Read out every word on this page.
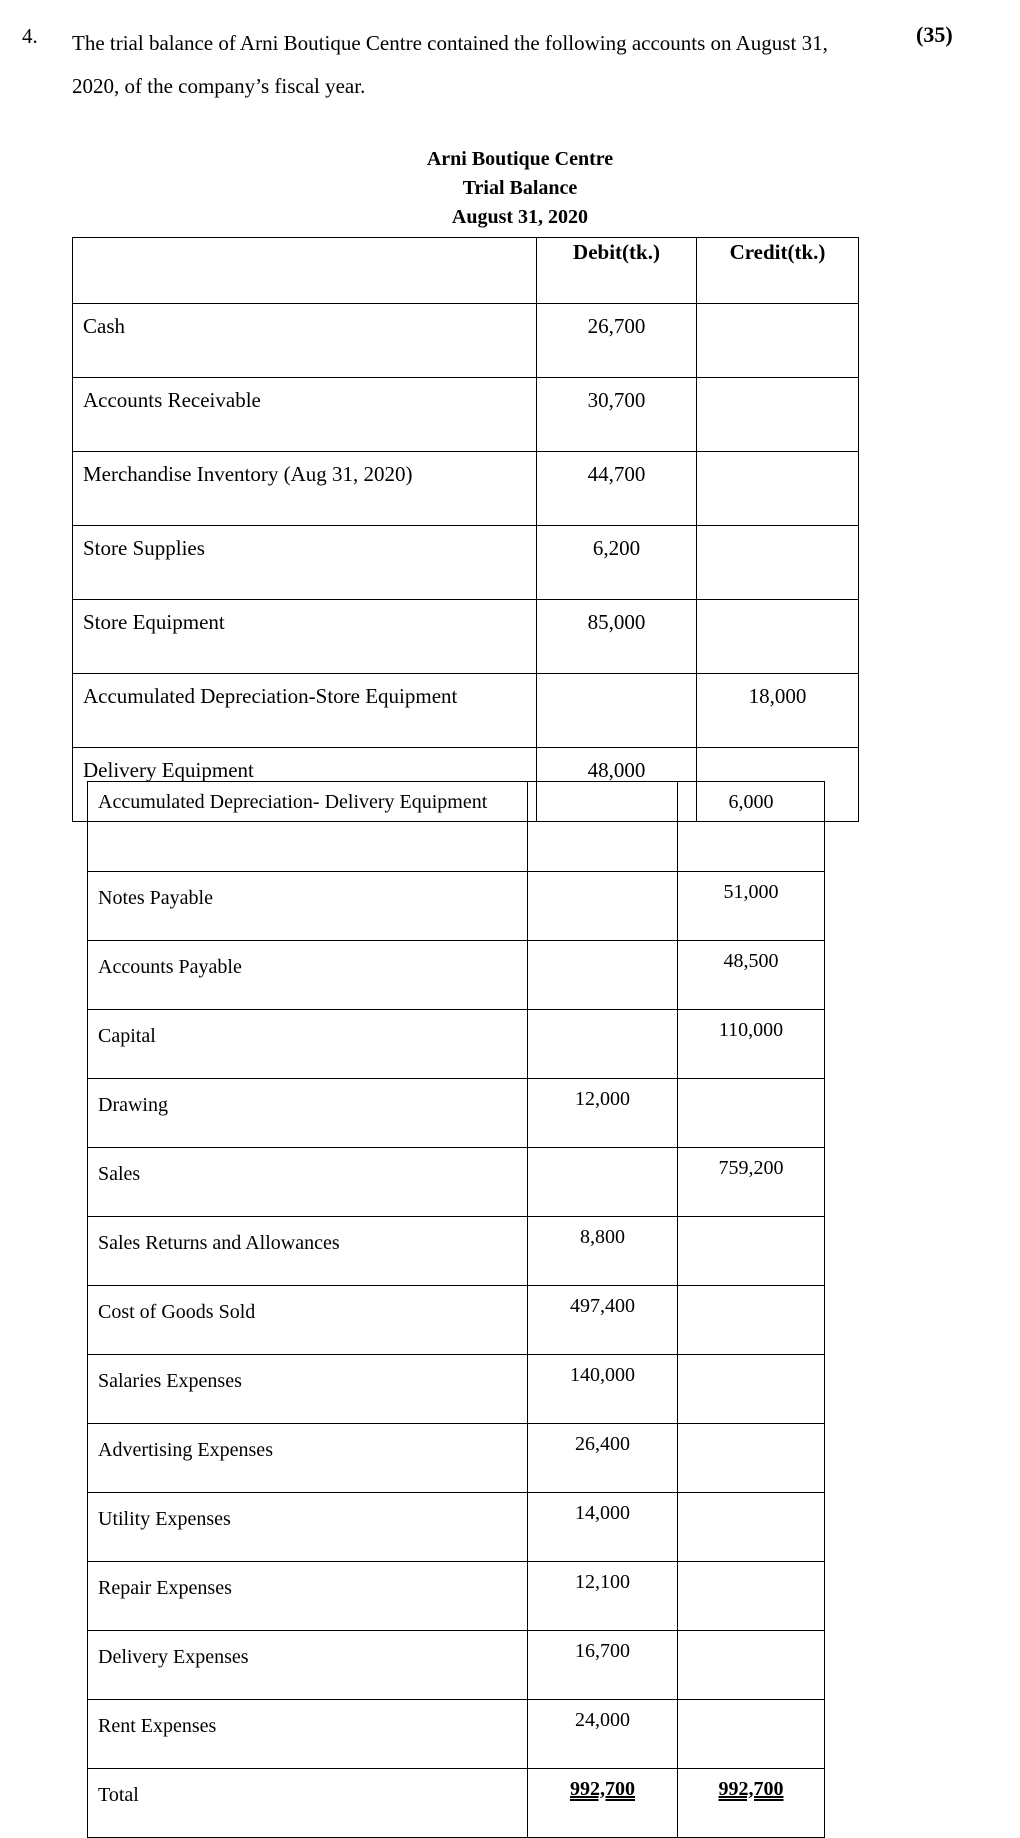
4. The trial balance of Arni Boutique Centre contained the following accounts on August 31, 2020, of the company’s fiscal year.
(35)
Arni Boutique Centre
Trial Balance
August 31, 2020
	Debit(tk.)	Credit(tk.)
Cash	26,700	
Accounts Receivable	30,700	
Merchandise Inventory (Aug 31, 2020)	44,700	
Store Supplies	6,200	
Store Equipment	85,000	
Accumulated Depreciation-Store Equipment		18,000
Delivery Equipment	48,000	
Accumulated Depreciation- Delivery Equipment		6,000
Notes Payable		51,000
Accounts Payable		48,500
Capital		110,000
Drawing	12,000	
Sales		759,200
Sales Returns and Allowances	8,800	
Cost of Goods Sold	497,400	
Salaries Expenses	140,000	
Advertising Expenses	26,400	
Utility Expenses	14,000	
Repair Expenses	12,100	
Delivery Expenses	16,700	
Rent Expenses	24,000	
Total	992,700	992,700
